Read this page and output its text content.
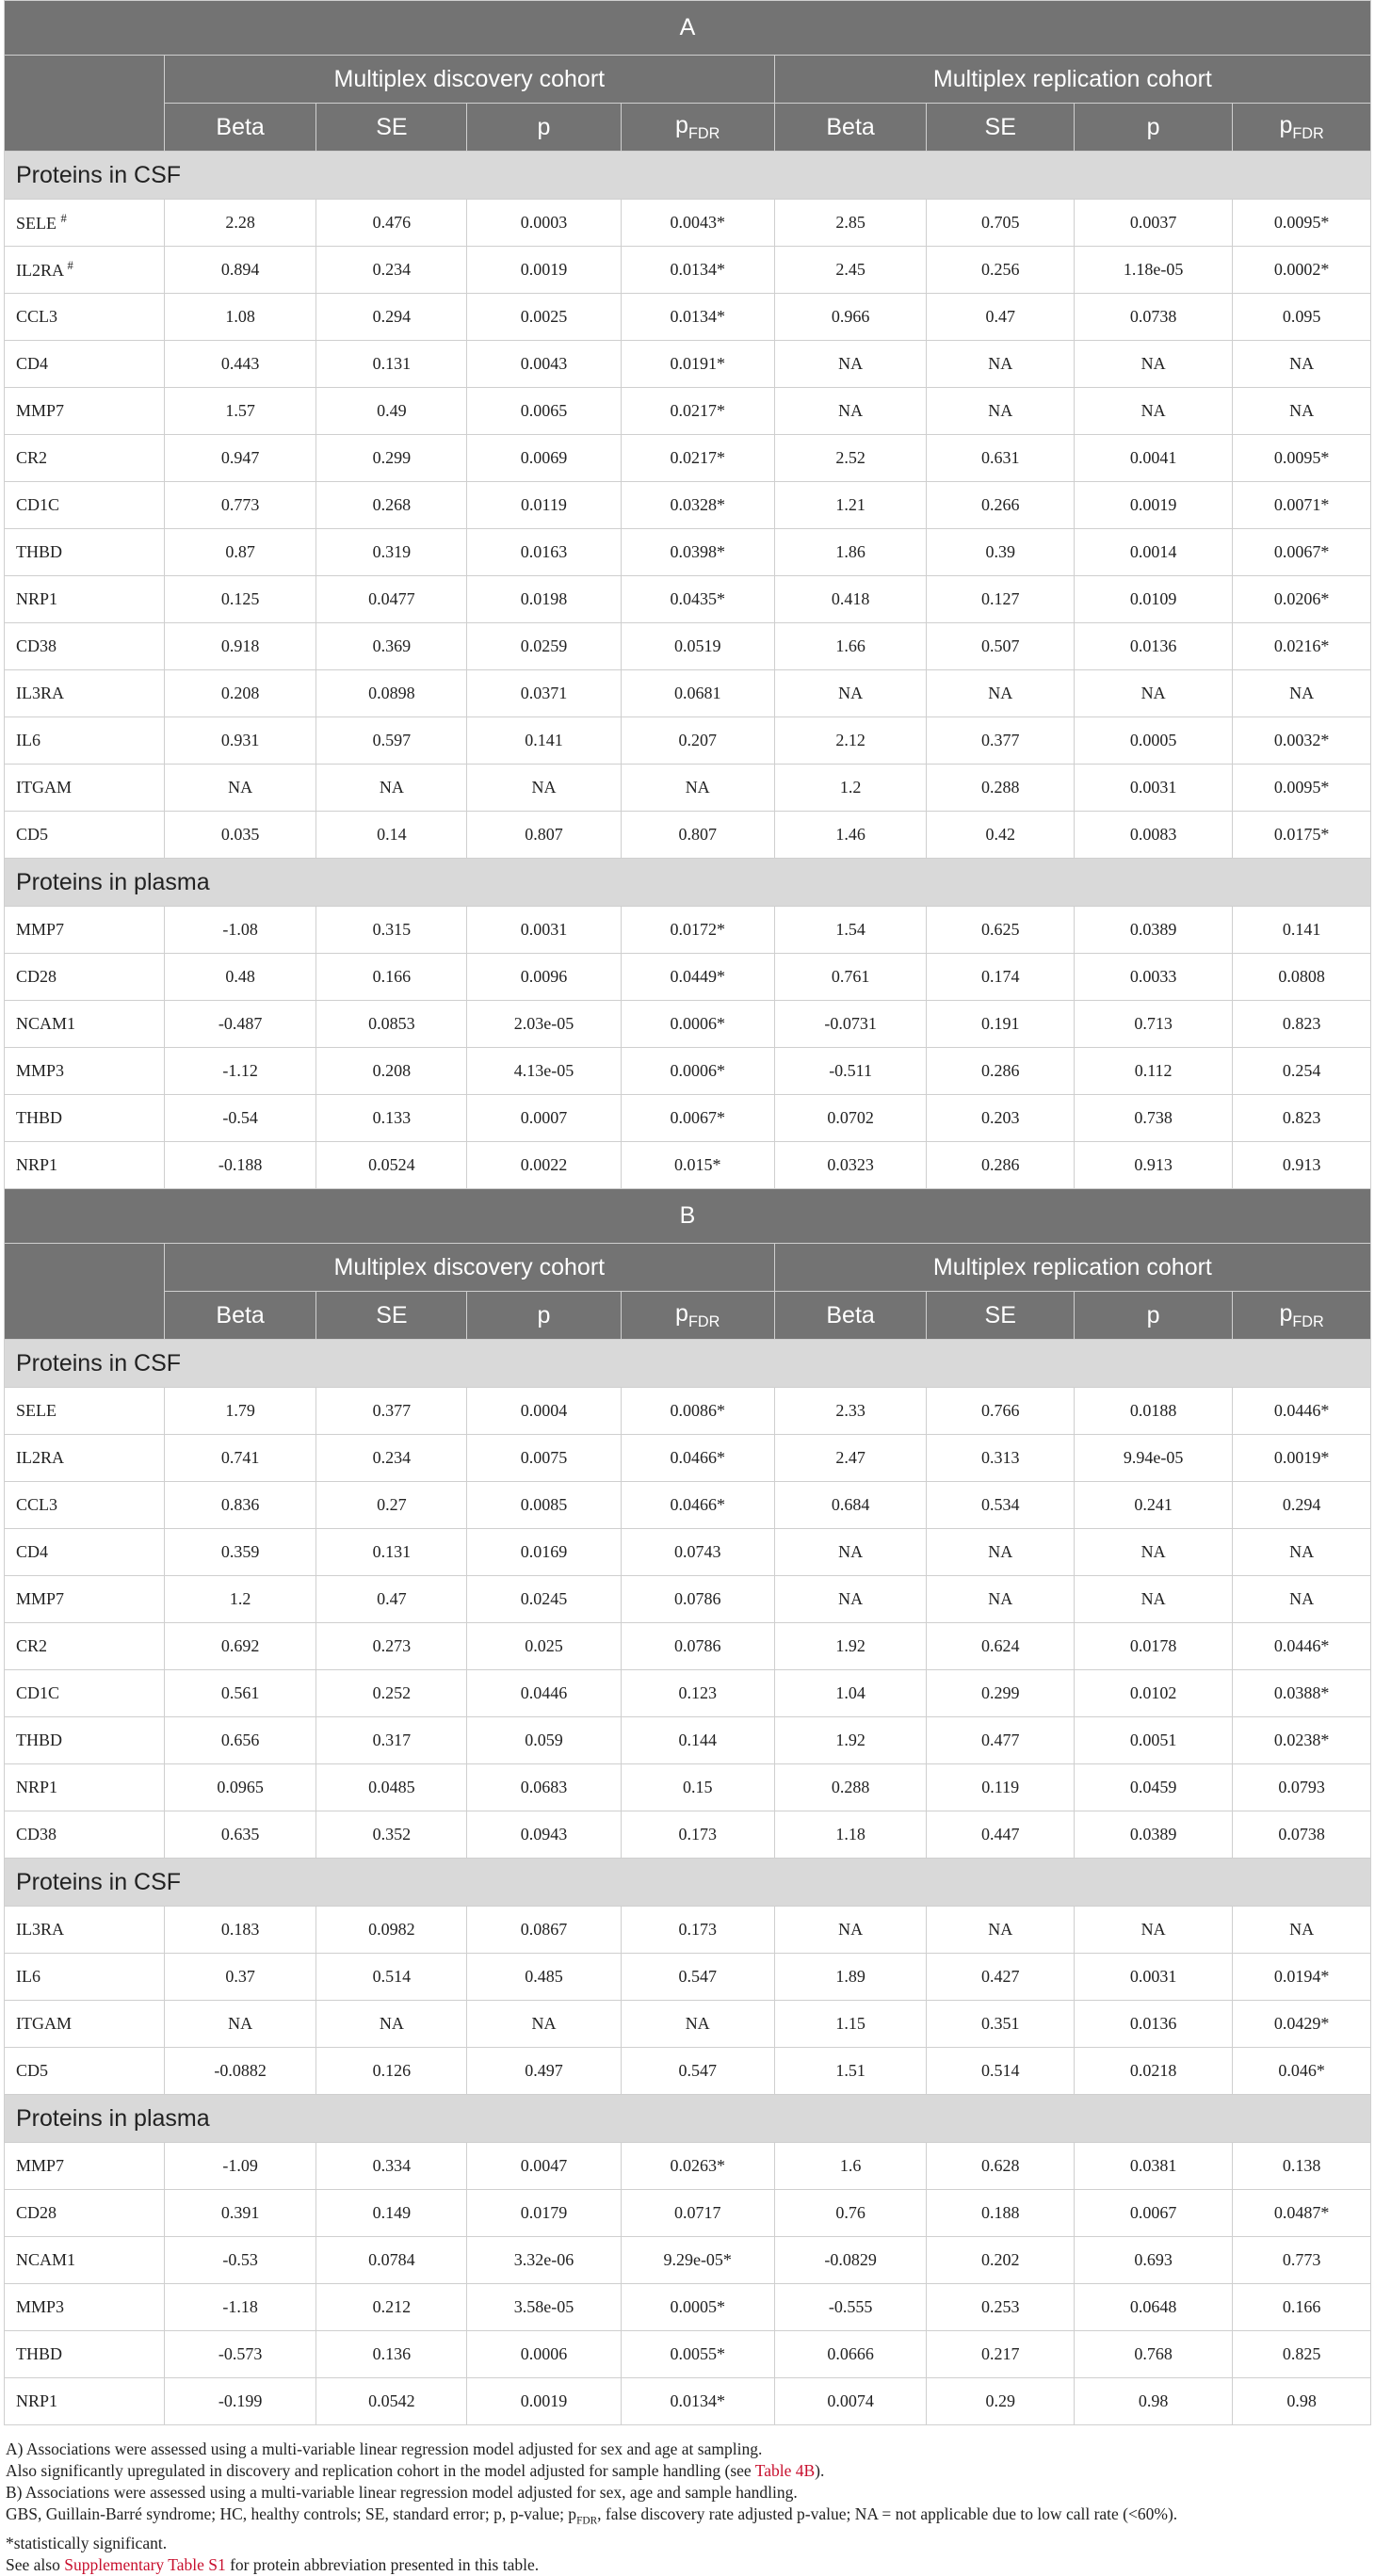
A								
	Multiplex discovery cohort				Multiplex replication cohort			
	Beta	SE	p	$p_{FDR}$	Beta	SE	p	$p_{FDR}$
Proteins in CSF								
SELE #	2.28	0.476	0.0003	0.0043*	2.85	0.705	0.0037	0.0095*
IL2RA #	0.894	0.234	0.0019	0.0134*	2.45	0.256	1.18e-05	0.0002*
CCL3	1.08	0.294	0.0025	0.0134*	0.966	0.47	0.0738	0.095
CD4	0.443	0.131	0.0043	0.0191*	NA	NA	NA	NA
MMP7	1.57	0.49	0.0065	0.0217*	NA	NA	NA	NA
CR2	0.947	0.299	0.0069	0.0217*	2.52	0.631	0.0041	0.0095*
CD1C	0.773	0.268	0.0119	0.0328*	1.21	0.266	0.0019	0.0071*
THBD	0.87	0.319	0.0163	0.0398*	1.86	0.39	0.0014	0.0067*
NRP1	0.125	0.0477	0.0198	0.0435*	0.418	0.127	0.0109	0.0206*
CD38	0.918	0.369	0.0259	0.0519	1.66	0.507	0.0136	0.0216*
IL3RA	0.208	0.0898	0.0371	0.0681	NA	NA	NA	NA
IL6	0.931	0.597	0.141	0.207	2.12	0.377	0.0005	0.0032*
ITGAM	NA	NA	NA	NA	1.2	0.288	0.0031	0.0095*
CD5	0.035	0.14	0.807	0.807	1.46	0.42	0.0083	0.0175*
Proteins in plasma								
MMP7	-1.08	0.315	0.0031	0.0172*	1.54	0.625	0.0389	0.141
CD28	0.48	0.166	0.0096	0.0449*	0.761	0.174	0.0033	0.0808
NCAM1	-0.487	0.0853	2.03e-05	0.0006*	-0.0731	0.191	0.713	0.823
MMP3	-1.12	0.208	4.13e-05	0.0006*	-0.511	0.286	0.112	0.254
THBD	-0.54	0.133	0.0007	0.0067*	0.0702	0.203	0.738	0.823
NRP1	-0.188	0.0524	0.0022	0.015*	0.0323	0.286	0.913	0.913
B								
	Multiplex discovery cohort				Multiplex replication cohort			
	Beta	SE	p	$p_{FDR}$	Beta	SE	p	$p_{FDR}$
Proteins in CSF								
SELE	1.79	0.377	0.0004	0.0086*	2.33	0.766	0.0188	0.0446*
IL2RA	0.741	0.234	0.0075	0.0466*	2.47	0.313	9.94e-05	0.0019*
CCL3	0.836	0.27	0.0085	0.0466*	0.684	0.534	0.241	0.294
CD4	0.359	0.131	0.0169	0.0743	NA	NA	NA	NA
MMP7	1.2	0.47	0.0245	0.0786	NA	NA	NA	NA
CR2	0.692	0.273	0.025	0.0786	1.92	0.624	0.0178	0.0446*
CD1C	0.561	0.252	0.0446	0.123	1.04	0.299	0.0102	0.0388*
THBD	0.656	0.317	0.059	0.144	1.92	0.477	0.0051	0.0238*
NRP1	0.0965	0.0485	0.0683	0.15	0.288	0.119	0.0459	0.0793
CD38	0.635	0.352	0.0943	0.173	1.18	0.447	0.0389	0.0738
Proteins in CSF								
IL3RA	0.183	0.0982	0.0867	0.173	NA	NA	NA	NA
IL6	0.37	0.514	0.485	0.547	1.89	0.427	0.0031	0.0194*
ITGAM	NA	NA	NA	NA	1.15	0.351	0.0136	0.0429*
CD5	-0.0882	0.126	0.497	0.547	1.51	0.514	0.0218	0.046*
Proteins in plasma								
MMP7	-1.09	0.334	0.0047	0.0263*	1.6	0.628	0.0381	0.138
CD28	0.391	0.149	0.0179	0.0717	0.76	0.188	0.0067	0.0487*
NCAM1	-0.53	0.0784	3.32e-06	9.29e-05*	-0.0829	0.202	0.693	0.773
MMP3	-1.18	0.212	3.58e-05	0.0005*	-0.555	0.253	0.0648	0.166
THBD	-0.573	0.136	0.0006	0.0055*	0.0666	0.217	0.768	0.825
NRP1	-0.199	0.0542	0.0019	0.0134*	0.0074	0.29	0.98	0.98
A) Associations were assessed using a multi-variable linear regression model adjusted for sex and age at sampling.
Also significantly upregulated in discovery and replication cohort in the model adjusted for sample handling (see Table 4B).
B) Associations were assessed using a multi-variable linear regression model adjusted for sex, age and sample handling.
GBS, Guillain-Barré syndrome; HC, healthy controls; SE, standard error; p, p-value; $p_{FDR}$, false discovery rate adjusted p-value; NA = not applicable due to low call rate (<60%).
*statistically significant.
See also Supplementary Table S1 for protein abbreviation presented in this table.
